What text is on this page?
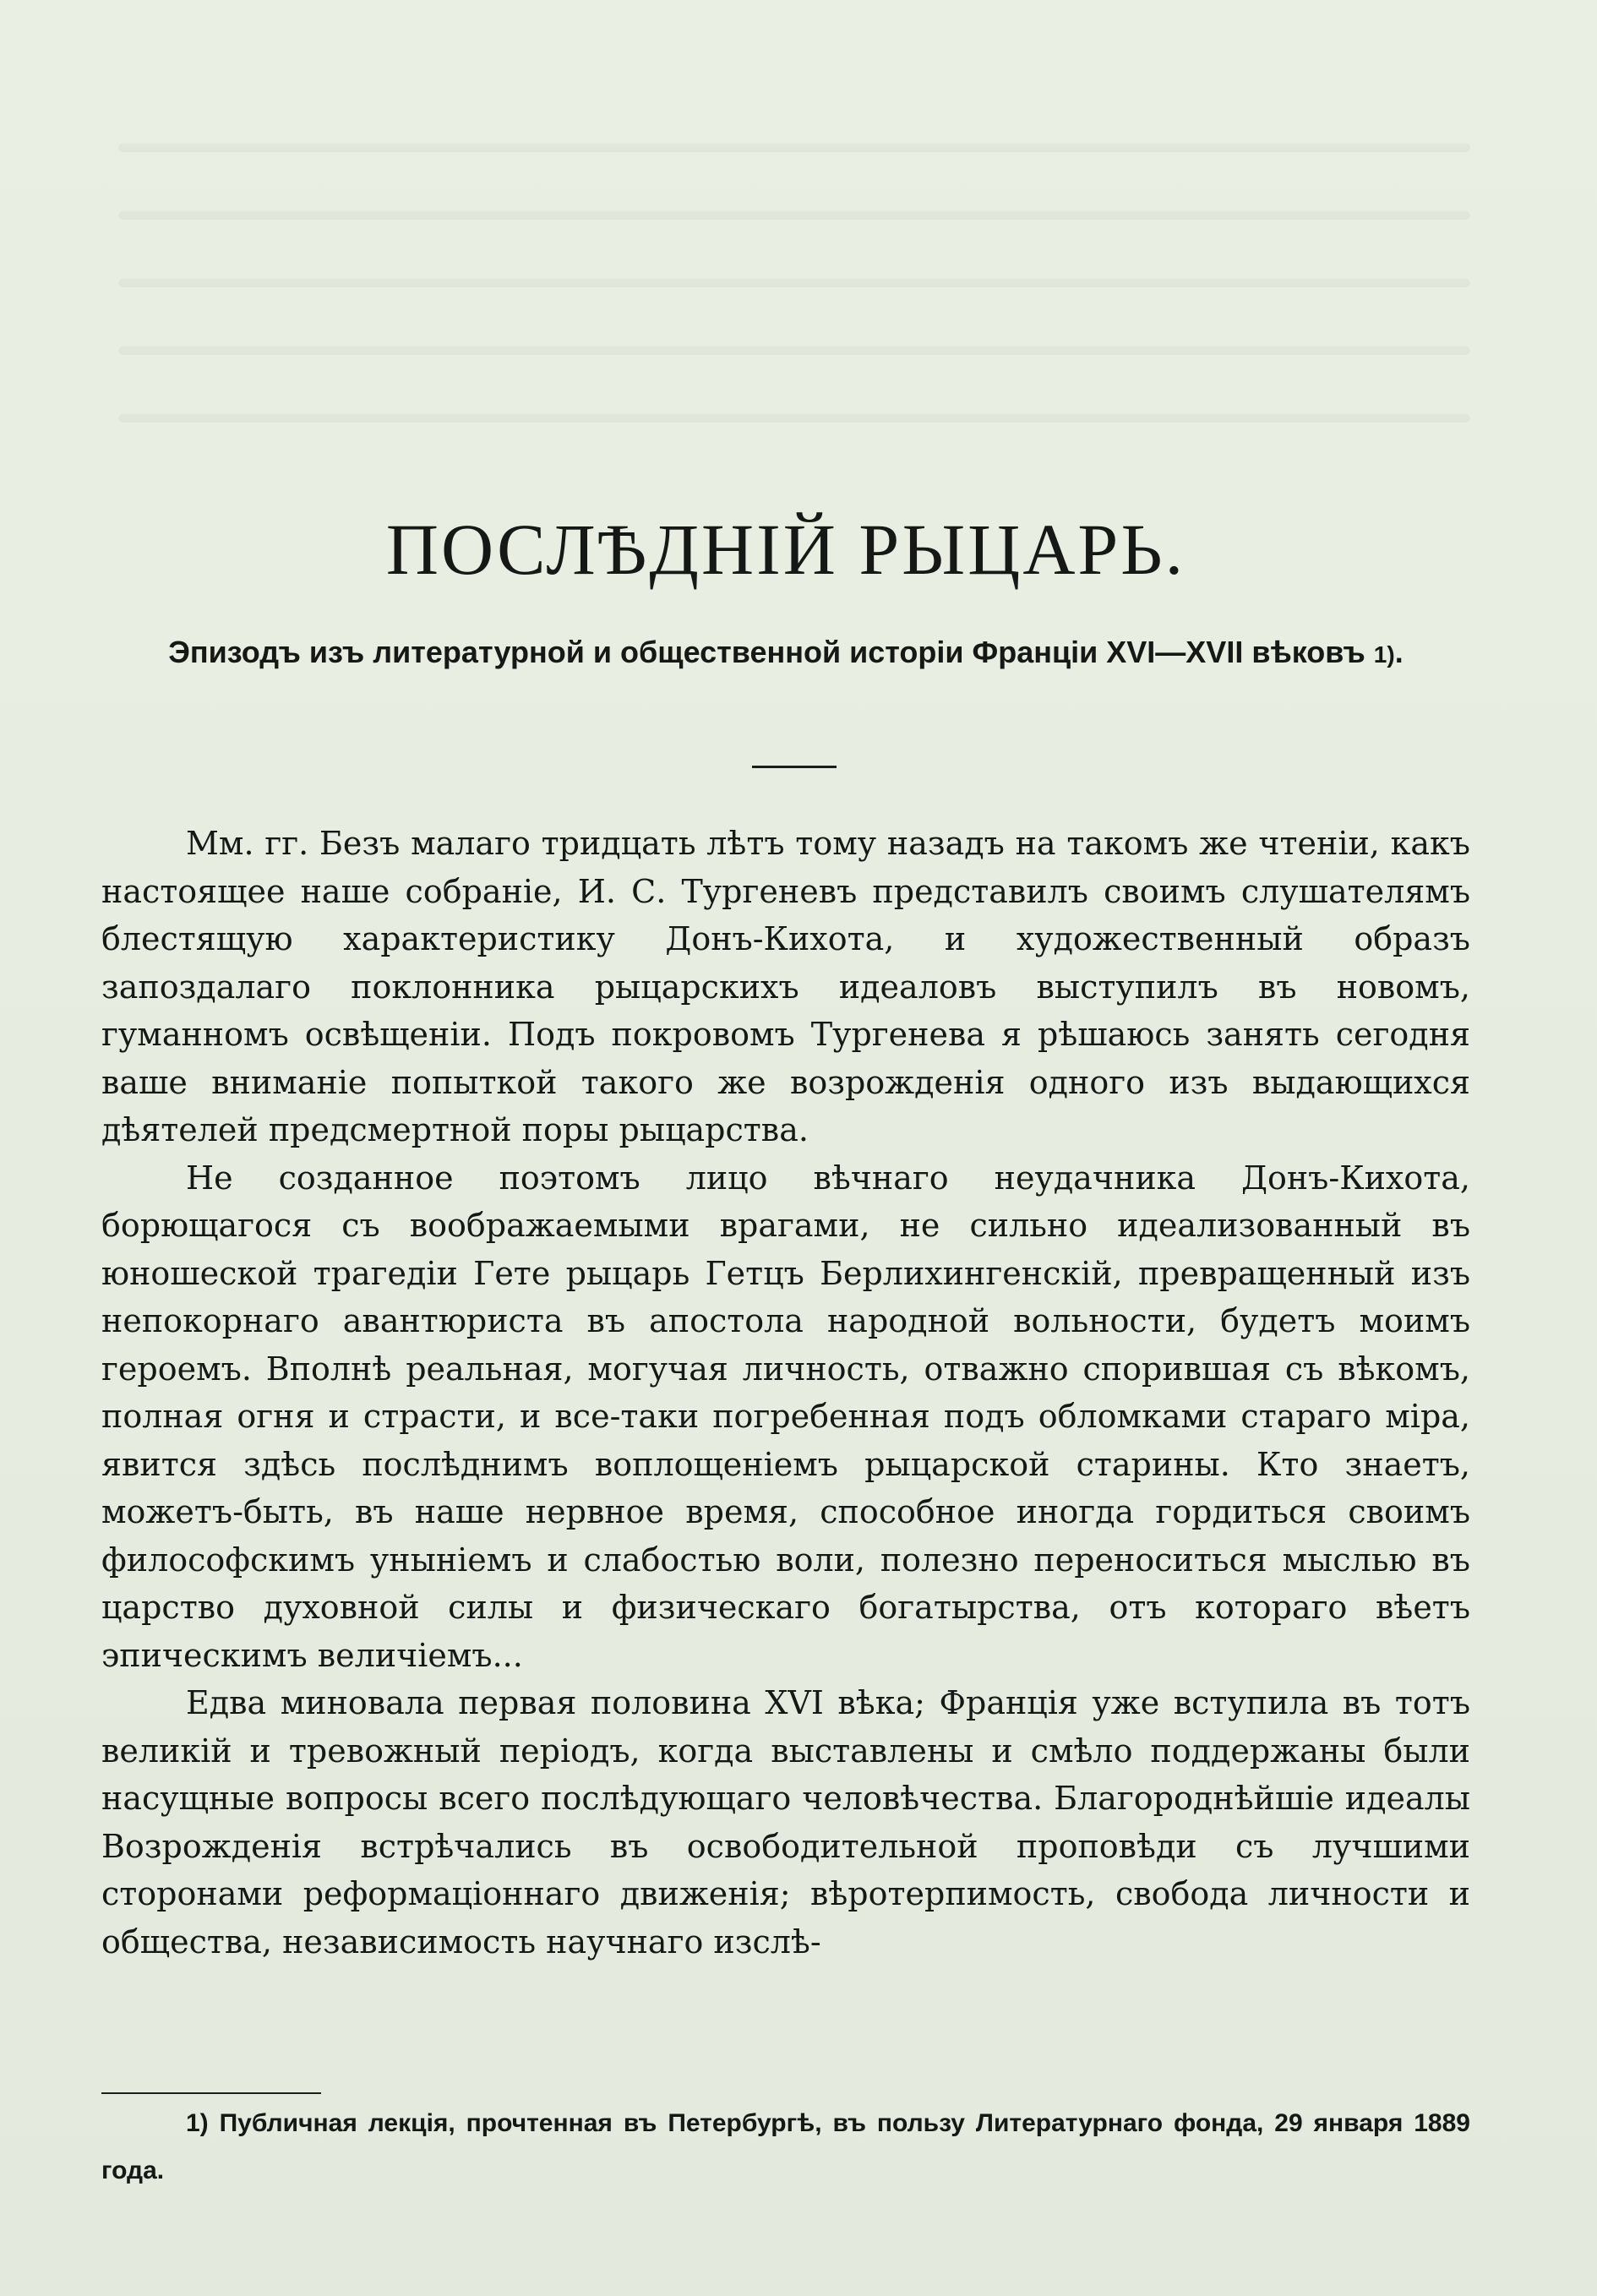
ПОСЛѢДНІЙ РЫЦАРЬ.

Эпизодъ изъ литературной и общественной исторіи Франціи XVI—XVII вѣковъ 1).

Мм. гг. Безъ малаго тридцать лѣтъ тому назадъ на такомъ же чтеніи, какъ настоящее наше собраніе, И. С. Тургеневъ представилъ своимъ слушателямъ блестящую характеристику Донъ-Кихота, и художественный образъ запоздалаго поклонника рыцарскихъ идеаловъ выступилъ въ новомъ, гуманномъ освѣщеніи. Подъ покровомъ Тургенева я рѣшаюсь занять сегодня ваше вниманіе попыткой такого же возрожденія одного изъ выдающихся дѣятелей предсмертной поры рыцарства.

Не созданное поэтомъ лицо вѣчнаго неудачника Донъ-Кихота, борющагося съ воображаемыми врагами, не сильно идеализованный въ юношеской трагедіи Гете рыцарь Гетцъ Берлихингенскій, превращенный изъ непокорнаго авантюриста въ апостола народной вольности, будетъ моимъ героемъ. Вполнѣ реальная, могучая личность, отважно спорившая съ вѣкомъ, полная огня и страсти, и все-таки погребенная подъ обломками стараго міра, явится здѣсь послѣднимъ воплощеніемъ рыцарской старины. Кто знаетъ, можетъ-быть, въ наше нервное время, способное иногда гордиться своимъ философскимъ уныніемъ и слабостью воли, полезно переноситься мыслью въ царство духовной силы и физическаго богатырства, отъ котораго вѣетъ эпическимъ величіемъ...

Едва миновала первая половина XVI вѣка; Франція уже вступила въ тотъ великій и тревожный періодъ, когда выставлены и смѣло поддержаны были насущные вопросы всего послѣдующаго человѣчества. Благороднѣйшіе идеалы Возрожденія встрѣчались въ освободительной проповѣди съ лучшими сторонами реформаціоннаго движенія; вѣротерпимость, свобода личности и общества, независимость научнаго изслѣ-

1) Публичная лекція, прочтенная въ Петербургѣ, въ пользу Литературнаго фонда, 29 января 1889 года.
